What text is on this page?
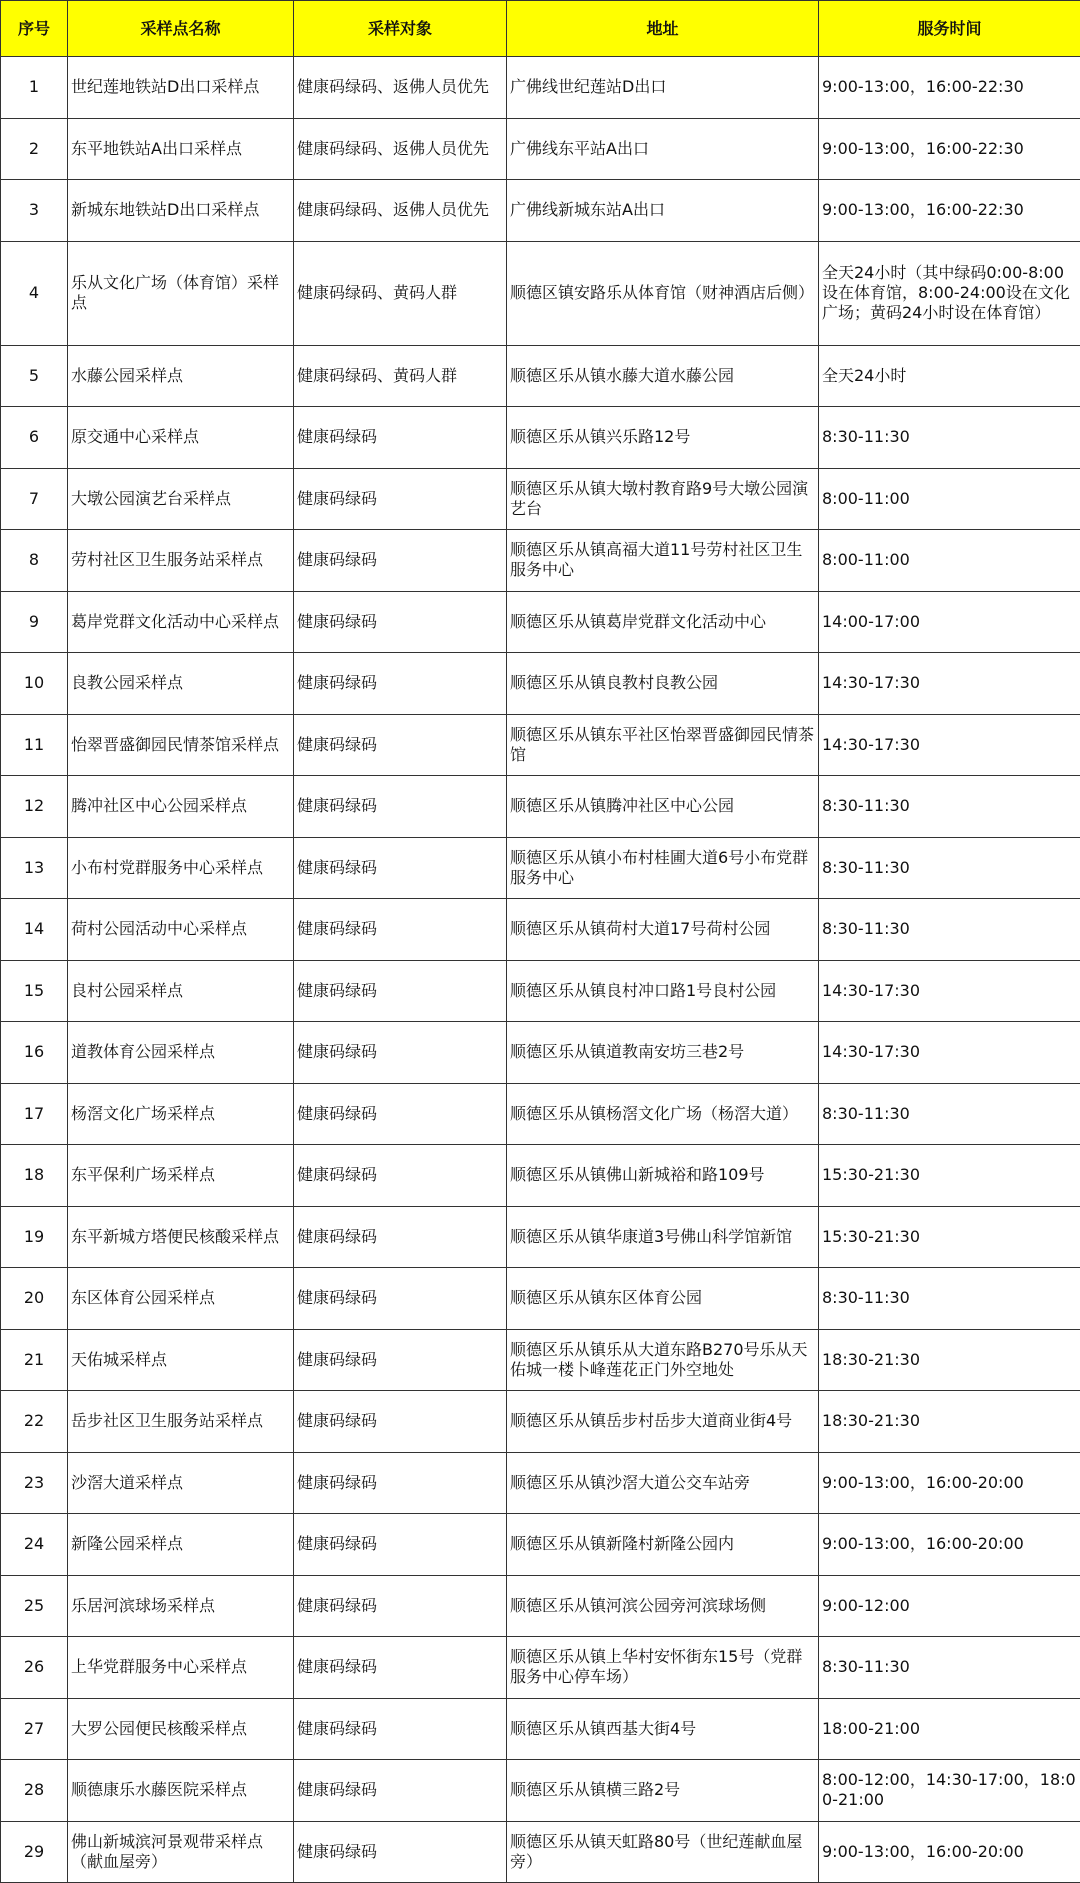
序号	采样点名称	采样对象	地址	服务时间
1	世纪莲地铁站D出口采样点	健康码绿码、返佛人员优先	广佛线世纪莲站D出口	9:00-13:00，16:00-22:30
2	东平地铁站A出口采样点	健康码绿码、返佛人员优先	广佛线东平站A出口	9:00-13:00，16:00-22:30
3	新城东地铁站D出口采样点	健康码绿码、返佛人员优先	广佛线新城东站A出口	9:00-13:00，16:00-22:30
4	乐从文化广场（体育馆）采样点	健康码绿码、黄码人群	顺德区镇安路乐从体育馆（财神酒店后侧）	全天24小时（其中绿码0:00-8:00设在体育馆，8:00-24:00设在文化广场；黄码24小时设在体育馆）
5	水藤公园采样点	健康码绿码、黄码人群	顺德区乐从镇水藤大道水藤公园	全天24小时
6	原交通中心采样点	健康码绿码	顺德区乐从镇兴乐路12号	8:30-11:30
7	大墩公园演艺台采样点	健康码绿码	顺德区乐从镇大墩村教育路9号大墩公园演艺台	8:00-11:00
8	劳村社区卫生服务站采样点	健康码绿码	顺德区乐从镇高福大道11号劳村社区卫生服务中心	8:00-11:00
9	葛岸党群文化活动中心采样点	健康码绿码	顺德区乐从镇葛岸党群文化活动中心	14:00-17:00
10	良教公园采样点	健康码绿码	顺德区乐从镇良教村良教公园	14:30-17:30
11	怡翠晋盛御园民情茶馆采样点	健康码绿码	顺德区乐从镇东平社区怡翠晋盛御园民情茶馆	14:30-17:30
12	腾冲社区中心公园采样点	健康码绿码	顺德区乐从镇腾冲社区中心公园	8:30-11:30
13	小布村党群服务中心采样点	健康码绿码	顺德区乐从镇小布村桂圃大道6号小布党群服务中心	8:30-11:30
14	荷村公园活动中心采样点	健康码绿码	顺德区乐从镇荷村大道17号荷村公园	8:30-11:30
15	良村公园采样点	健康码绿码	顺德区乐从镇良村冲口路1号良村公园	14:30-17:30
16	道教体育公园采样点	健康码绿码	顺德区乐从镇道教南安坊三巷2号	14:30-17:30
17	杨滘文化广场采样点	健康码绿码	顺德区乐从镇杨滘文化广场（杨滘大道）	8:30-11:30
18	东平保利广场采样点	健康码绿码	顺德区乐从镇佛山新城裕和路109号	15:30-21:30
19	东平新城方塔便民核酸采样点	健康码绿码	顺德区乐从镇华康道3号佛山科学馆新馆	15:30-21:30
20	东区体育公园采样点	健康码绿码	顺德区乐从镇东区体育公园	8:30-11:30
21	天佑城采样点	健康码绿码	顺德区乐从镇乐从大道东路B270号乐从天佑城一楼卜峰莲花正门外空地处	18:30-21:30
22	岳步社区卫生服务站采样点	健康码绿码	顺德区乐从镇岳步村岳步大道商业街4号	18:30-21:30
23	沙滘大道采样点	健康码绿码	顺德区乐从镇沙滘大道公交车站旁	9:00-13:00，16:00-20:00
24	新隆公园采样点	健康码绿码	顺德区乐从镇新隆村新隆公园内	9:00-13:00，16:00-20:00
25	乐居河滨球场采样点	健康码绿码	顺德区乐从镇河滨公园旁河滨球场侧	9:00-12:00
26	上华党群服务中心采样点	健康码绿码	顺德区乐从镇上华村安怀街东15号（党群服务中心停车场）	8:30-11:30
27	大罗公园便民核酸采样点	健康码绿码	顺德区乐从镇西基大街4号	18:00-21:00
28	顺德康乐水藤医院采样点	健康码绿码	顺德区乐从镇横三路2号	8:00-12:00，14:30-17:00，18:00-21:00
29	佛山新城滨河景观带采样点（献血屋旁）	健康码绿码	顺德区乐从镇天虹路80号（世纪莲献血屋旁）	9:00-13:00，16:00-20:00
